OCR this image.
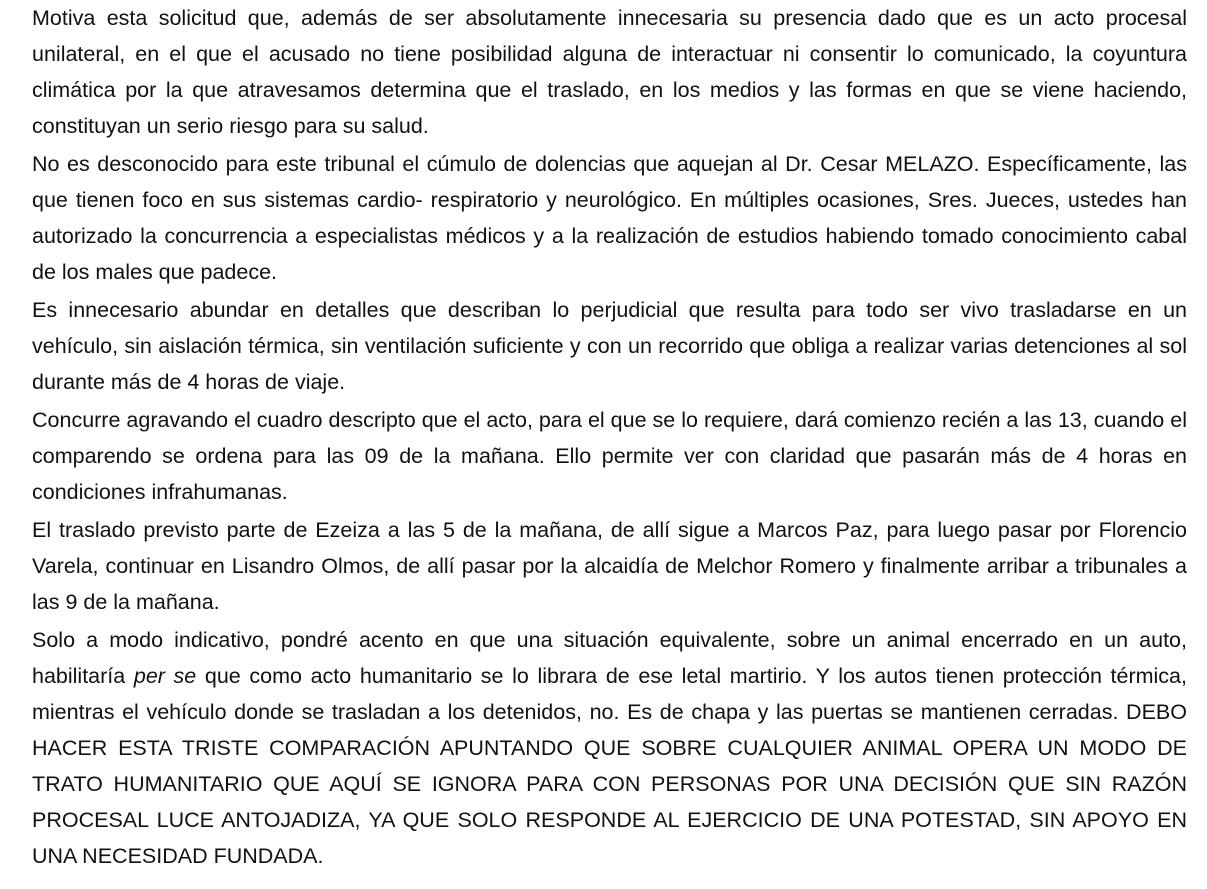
Motiva esta solicitud que, además de ser absolutamente innecesaria su presencia dado que es un acto procesal unilateral, en el que el acusado no tiene posibilidad alguna de interactuar ni consentir lo comunicado, la coyuntura climática por la que atravesamos determina que el traslado, en los medios y las formas en que se viene haciendo, constituyan un serio riesgo para su salud.

No es desconocido para este tribunal el cúmulo de dolencias que aquejan al Dr. Cesar MELAZO. Específicamente, las que tienen foco en sus sistemas cardio- respiratorio y neurológico. En múltiples ocasiones, Sres. Jueces, ustedes han autorizado la concurrencia a especialistas médicos y a la realización de estudios habiendo tomado conocimiento cabal de los males que padece.

Es innecesario abundar en detalles que describan lo perjudicial que resulta para todo ser vivo trasladarse en un vehículo, sin aislación térmica, sin ventilación suficiente y con un recorrido que obliga a realizar varias detenciones al sol durante más de 4 horas de viaje.

Concurre agravando el cuadro descripto que el acto, para el que se lo requiere, dará comienzo recién a las 13, cuando el comparendo se ordena para las 09 de la mañana. Ello permite ver con claridad que pasarán más de 4 horas en condiciones infrahumanas.

El traslado previsto parte de Ezeiza a las 5 de la mañana, de allí sigue a Marcos Paz, para luego pasar por Florencio Varela, continuar en Lisandro Olmos, de allí pasar por la alcaidía de Melchor Romero y finalmente arribar a tribunales a las 9 de la mañana.

Solo a modo indicativo, pondré acento en que una situación equivalente, sobre un animal encerrado en un auto, habilitaría per se que como acto humanitario se lo librara de ese letal martirio. Y los autos tienen protección térmica, mientras el vehículo donde se trasladan a los detenidos, no. Es de chapa y las puertas se mantienen cerradas. DEBO HACER ESTA TRISTE COMPARACIÓN APUNTANDO QUE SOBRE CUALQUIER ANIMAL OPERA UN MODO DE TRATO HUMANITARIO QUE AQUÍ SE IGNORA PARA CON PERSONAS POR UNA DECISIÓN QUE SIN RAZÓN PROCESAL LUCE ANTOJADIZA, YA QUE SOLO RESPONDE AL EJERCICIO DE UNA POTESTAD, SIN APOYO EN UNA NECESIDAD FUNDADA.
